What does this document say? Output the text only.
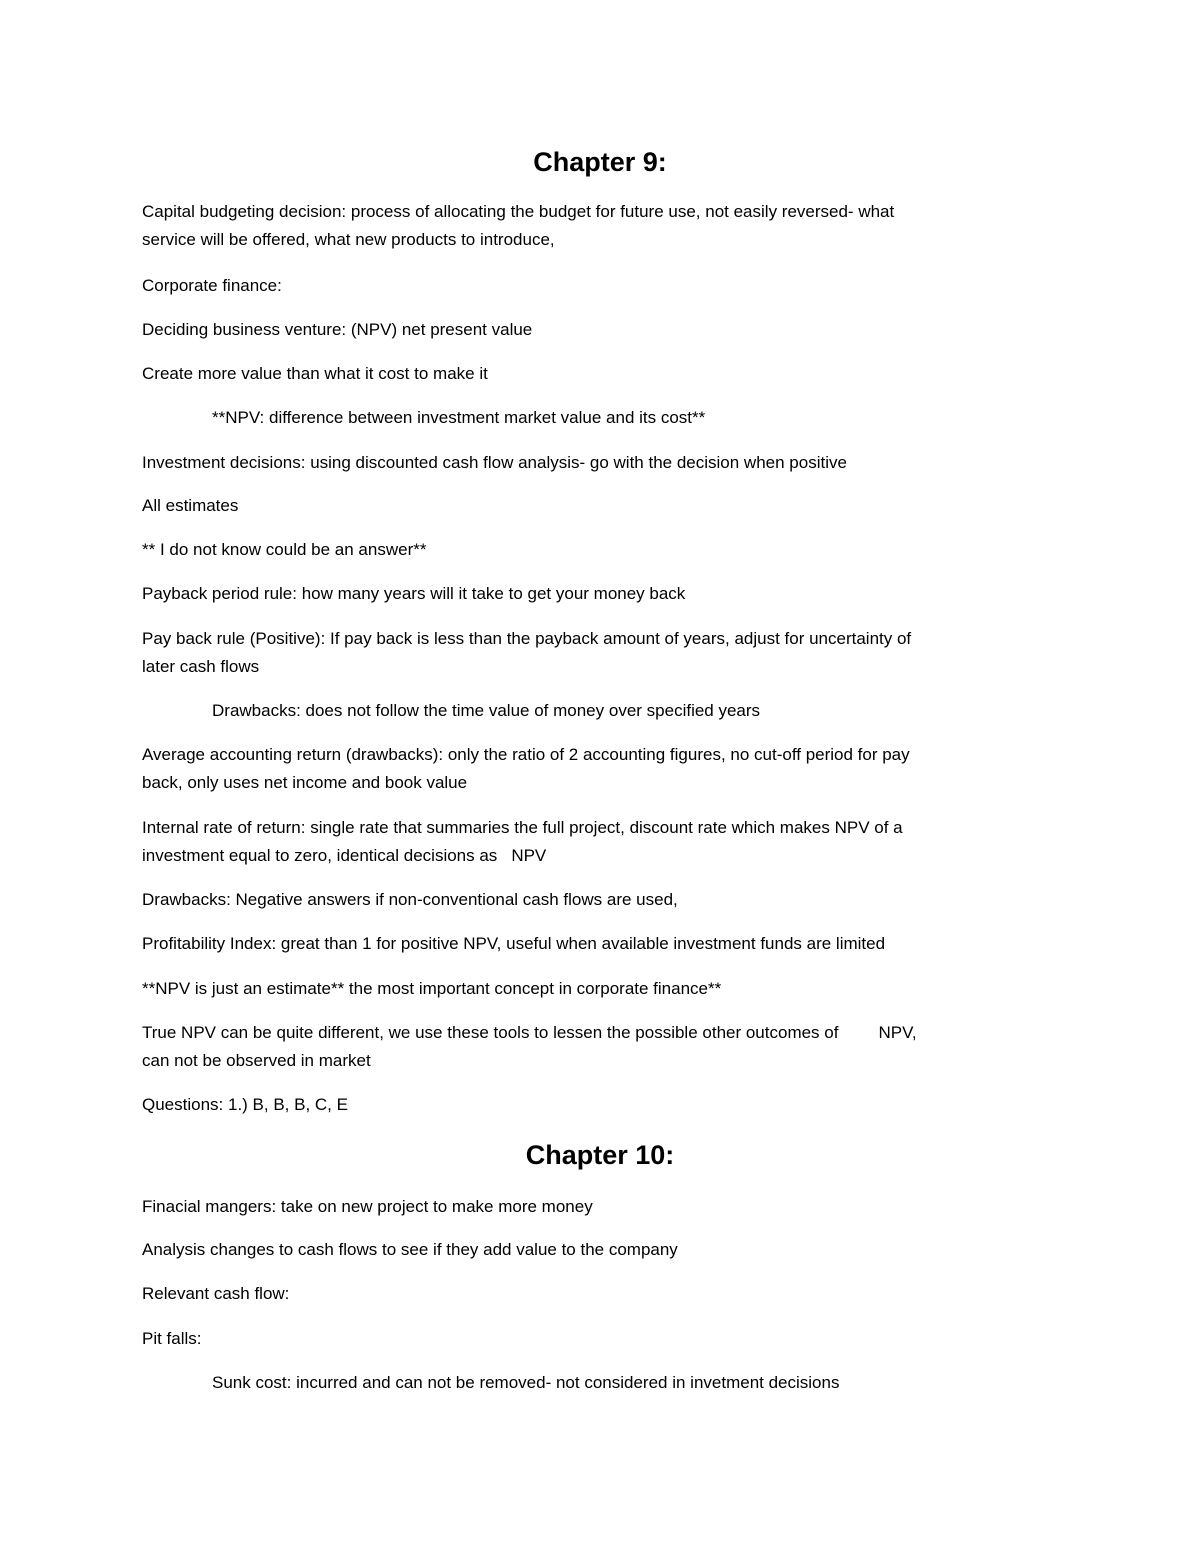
Chapter 9:
Capital budgeting decision: process of allocating the budget for future use, not easily reversed- what
service will be offered, what new products to introduce,
Corporate finance:
Deciding business venture: (NPV) net present value
Create more value than what it cost to make it
**NPV: difference between investment market value and its cost**
Investment decisions: using discounted cash flow analysis- go with the decision when positive
All estimates
** I do not know could be an answer**
Payback period rule: how many years will it take to get your money back
Pay back rule (Positive): If pay back is less than the payback amount of years, adjust for uncertainty of
later cash flows
Drawbacks: does not follow the time value of money over specified years
Average accounting return (drawbacks): only the ratio of 2 accounting figures, no cut-off period for pay
back, only uses net income and book value
Internal rate of return: single rate that summaries the full project, discount rate which makes NPV of a
investment equal to zero, identical decisions as NPV
Drawbacks: Negative answers if non-conventional cash flows are used,
Profitability Index: great than 1 for positive NPV, useful when available investment funds are limited
**NPV is just an estimate** the most important concept in corporate finance**
True NPV can be quite different, we use these tools to lessen the possible other outcomes of NPV,
can not be observed in market
Questions: 1.) B, B, B, C, E
Chapter 10:
Finacial mangers: take on new project to make more money
Analysis changes to cash flows to see if they add value to the company
Relevant cash flow:
Pit falls:
Sunk cost: incurred and can not be removed- not considered in invetment decisions
